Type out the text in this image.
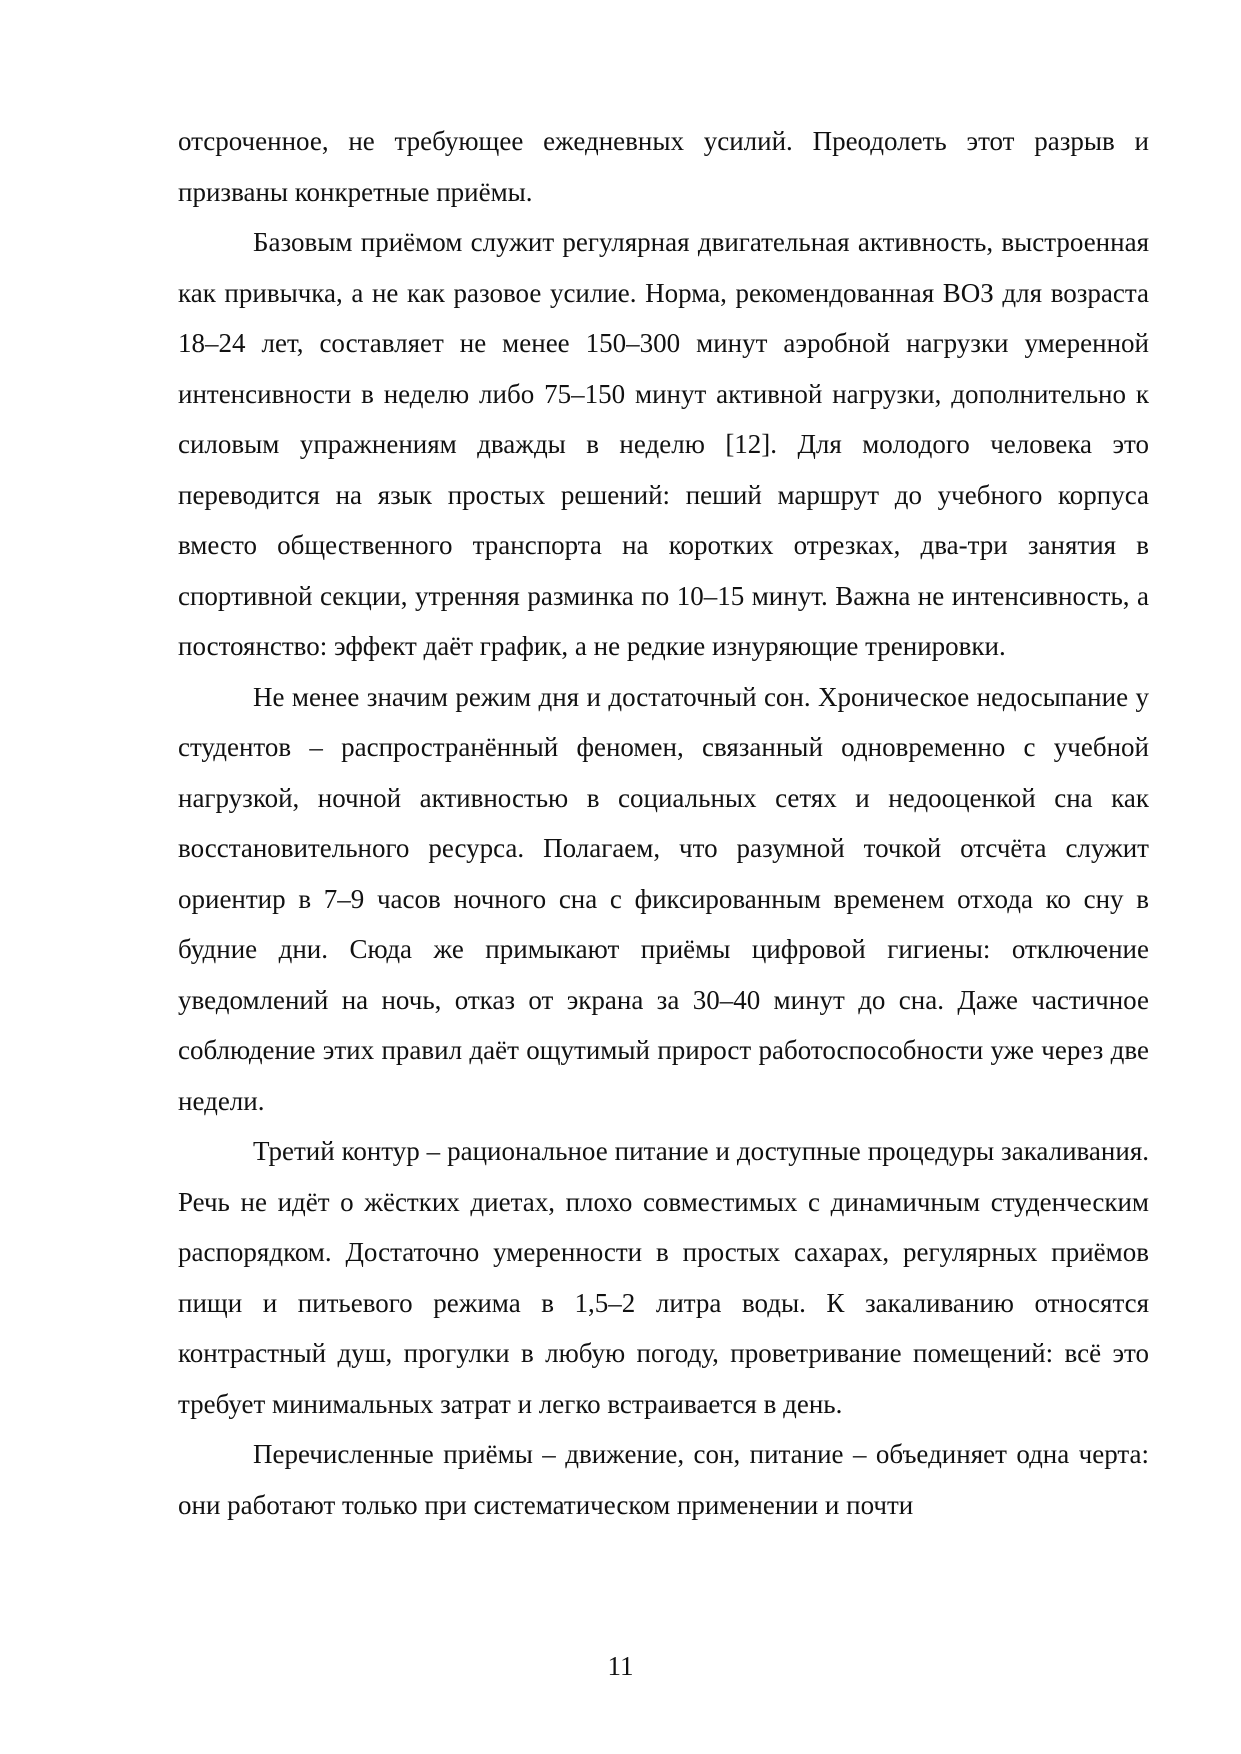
отсроченное, не требующее ежедневных усилий. Преодолеть этот разрыв и призваны конкретные приёмы.

Базовым приёмом служит регулярная двигательная активность, выстроенная как привычка, а не как разовое усилие. Норма, рекомендованная ВОЗ для возраста 18–24 лет, составляет не менее 150–300 минут аэробной нагрузки умеренной интенсивности в неделю либо 75–150 минут активной нагрузки, дополнительно к силовым упражнениям дважды в неделю [12]. Для молодого человека это переводится на язык простых решений: пеший маршрут до учебного корпуса вместо общественного транспорта на коротких отрезках, два-три занятия в спортивной секции, утренняя разминка по 10–15 минут. Важна не интенсивность, а постоянство: эффект даёт график, а не редкие изнуряющие тренировки.

Не менее значим режим дня и достаточный сон. Хроническое недосыпание у студентов – распространённый феномен, связанный одновременно с учебной нагрузкой, ночной активностью в социальных сетях и недооценкой сна как восстановительного ресурса. Полагаем, что разумной точкой отсчёта служит ориентир в 7–9 часов ночного сна с фиксированным временем отхода ко сну в будние дни. Сюда же примыкают приёмы цифровой гигиены: отключение уведомлений на ночь, отказ от экрана за 30–40 минут до сна. Даже частичное соблюдение этих правил даёт ощутимый прирост работоспособности уже через две недели.

Третий контур – рациональное питание и доступные процедуры закаливания. Речь не идёт о жёстких диетах, плохо совместимых с динамичным студенческим распорядком. Достаточно умеренности в простых сахарах, регулярных приёмов пищи и питьевого режима в 1,5–2 литра воды. К закаливанию относятся контрастный душ, прогулки в любую погоду, проветривание помещений: всё это требует минимальных затрат и легко встраивается в день.

Перечисленные приёмы – движение, сон, питание – объединяет одна черта: они работают только при систематическом применении и почти

11
